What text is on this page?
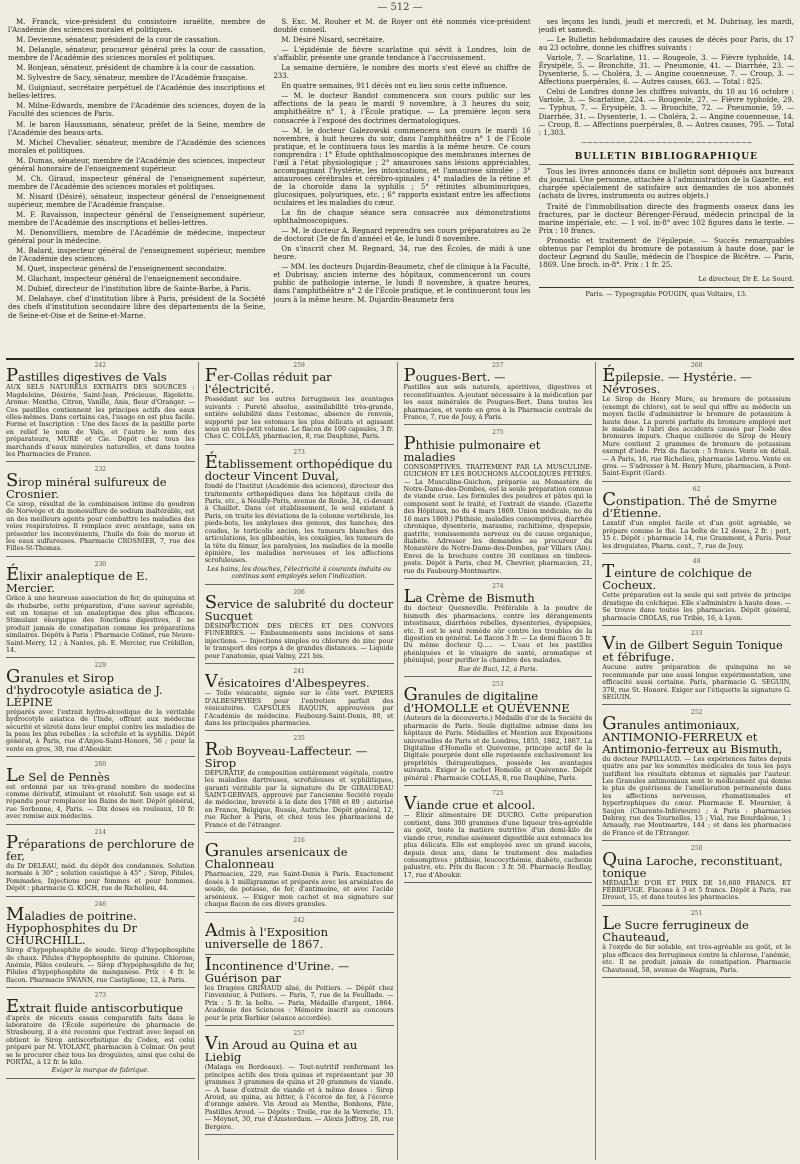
— 512 —

M. Franck, vice-président du consistoire israélite, membre de l'Académie des sciences morales et politiques.

M. Devienne, sénateur, président de la cour de cassation.

M. Delangle, sénateur, procureur général près la cour de cassation, membre de l'Académie des sciences morales et politiques.

M. Bonjean, sénateur, président de chambre à la cour de cassation.

M. Sylvestre de Sacy, sénateur, membre de l'Académie française.

M. Guigniaut, secrétaire perpétuel de l'Académie des inscriptions et belles-lettres.

M. Milne-Edwards, membre de l'Académie des sciences, doyen de la Faculté des sciences de Paris.

M. le baron Haussmann, sénateur, préfet de la Seine, membre de l'Académie des beaux-arts.

M. Michel Chevalier, sénateur, membre de l'Académie des sciences morales et politiques.

M. Dumas, sénateur, membre de l'Académie des sciences, inspecteur général honoraire de l'enseignement supérieur.

M. Ch. Giraud, inspecteur général de l'enseignement supérieur, membre de l'Académie des sciences morales et politiques.

M. Nisard (Désiré), sénateur, inspecteur général de l'enseignement supérieur, membre de l'Académie française.

M. F. Ravaisson, inspecteur général de l'enseignement supérieur, membre de l'Académie des inscriptions et belles-lettres.

M. Denonvilliers, membre de l'Académie de médecine, inspecteur général pour la médecine.

M. Balard, inspecteur général de l'enseignement supérieur, membre de l'Académie des sciences.

M. Quet, inspecteur général de l'enseignement secondaire.

M. Glachant, inspecteur général de l'enseignement secondaire.

M. Dubief, directeur de l'institution libre de Sainte-Barbe, à Paris.

M. Delahaye, chef d'institution libre à Paris, président de la Société des chefs d'institution secondaire libre des départements de la Seine, de Seine-et-Oise et de Seine-et-Marne.

S. Exc. M. Rouher et M. de Royer ont été nommés vice-président doublé conseil.

M. Désiré Nisard, secrétaire.

— L'épidémie de fièvre scarlatine qui sévit à Londres, loin de s'affaiblir, présente une grande tendance à l'accroissement.

La semaine dernière, le nombre des morts s'est élevé au chiffre de 233.

En quatre semaines, 911 décès ont eu lieu sous cette influence.

— M. le docteur Bandot commencera son cours public sur les affections de la peau le mardi 9 novembre, à 3 heures du soir, amphithéâtre n° 1, à l'École pratique. — La première leçon sera consacrée à l'exposé des doctrines dermatologiques.

— M. le docteur Galezowski commencera son cours le mardi 16 novembre, à huit heures du soir, dans l'amphithéâtre n° 1 de l'École pratique, et le continuera tous les mardis à la même heure. Ce cours comprendra : 1° Étude ophthalmoscopique des membranes internes de l'œil à l'état physiologique ; 2° amauroses sans lésions appréciables, accompagnant l'hystérie, les intoxications, et l'amaurose simulée ; 3° amauroses cérébrales et cérébro-spinales ; 4° maladies de la rétine et de la choroïde dans la syphilis ; 5° rétinites albuminuriques, glucosiques, polyuriques, etc. ; 6° rapports existant entre les affections oculaires et les maladies du cœur.

La fin de chaque séance sera consacrée aux démonstrations ophthalmoscopiques.

— M. le docteur A. Regnard reprendra ses cours préparatoires au 2e de doctorat (3e de fin d'année) et 4e, le lundi 8 novembre.

On s'inscrit chez M. Regnard, 34, rue des Écoles, de midi à une heure.

— MM. les docteurs Dujardin-Beaumetz, chef de clinique à la Faculté, et Dubrisay, ancien interne des hôpitaux, commenceront un cours public de pathologie interne, le lundi 8 novembre, à quatre heures, dans l'amphithéâtre n° 2 de l'École pratique, et le continueront tous les jours à la même heure. M. Dujardin-Beaumetz fera

ses leçons les lundi, jeudi et mercredi, et M. Dubrisay, les mardi, jeudi et samedi.

— Le Bulletin hebdomadaire des causes de décès pour Paris, du 17 au 23 octobre, donne les chiffres suivants :

Variole, 7. — Scarlatine, 11. — Rougeole, 3. — Fièvre typhoïde, 14. Érysipèle, 5. — Bronchite, 31. — Pneumonie, 41. — Diarrhée, 23. — Dysenterie, 5. — Choléra, 3. — Angine couenneuse, 7. — Croup, 3. — Affections puerpérales, 6. — Autres causes, 663. — Total : 825.

Celui de Londres donne les chiffres suivants, du 10 au 16 octobre : Variole, 3. — Scarlatine, 224. — Rougeole, 27. — Fièvre typhoïde, 29. — Typhus, 7. — Érysipèle, 3. — Bronchite, 72. — Pneumonie, 59. — Diarrhée, 31. — Dysenterie, 1. — Choléra, 2. — Angine couenneuse, 14. — Croup, 8. — Affections puerpérales, 8. — Autres causes, 795. — Total : 1,303.

∼∼∼∼∼∼∼∼∼∼∼∼∼∼∼∼∼∼∼∼∼∼∼∼∼∼∼∼∼∼
BULLETIN BIBLIOGRAPHIQUE

Tous les livres annoncés dans ce bulletin sont déposés aux bureaux du journal. Une personne, attachée à l'administration de la Gazette, est chargée spécialement de satisfaire aux demandes de nos abonnés (achats de livres, instruments ou autres objets.)

Traité de l'immobilisation directe des fragments osseux dans les fractures, par le docteur Bérenger-Féraud, médecin principal de la marine impériale, etc. — 1 vol. in-8° avec 102 figures dans le texte. — Prix : 10 francs.

Pronostic et traitement de l'épilepsie. — Succès remarquables obtenus par l'emploi du bromure de potassium à haute dose, par le docteur Legrand du Saulle, médecin de l'hospice de Bicêtre. — Paris, 1869. Une broch. in-8°. Prix : 1 fr. 25.

Le directeur, Dr E. Le Sourd.
Paris. — Typographie POUGIN, quai Voltaire, 13.
242
Pastilles digestives de Vals

AUX SELS NATURELS EXTRAITS DES SOURCES : Magdeleine, Désirée, Saint-Jean, Précieuse, Rigolette. Arome: Menthe, Citron, Vanille, Anis, fleur d'Oranger. — Ces pastilles contiennent les principes actifs des eaux elles-mêmes. Dans certains cas, l'usage en est plus facile. Forme et Inscription : Une des faces de la pastille porte en relief le nom de Vals, et l'autre le nom des préparateurs, MURE et Cie. Dépôt chez tous les marchands d'eaux minérales naturelles, et dans toutes les Pharmacies de France.

232
Sirop minéral sulfureux de Crosnier.

Ce sirop, résultat de la combinaison intime du goudron de Norwège et du monosulfure de sodium inaltérable, est un des meilleurs agents pour combattre les maladies des voies respiratoires. Il remplace avec avantage, sans en présenter les inconvénients, l'huile de foie de morue et les eaux sulfureuses. Pharmacie CROSNIER, 7, rue des Filles-St-Thomas.

230
Élixir analeptique de E. Mercier.

Grâce à une heureuse association de fer, de quinquina et de rhubarbe, cette préparation, d'une saveur agréable, est un tonique et un analeptique des plus efficaces. Stimulant énergique des fonctions digestives, il ne produit jamais de constipation comme les préparations similaires. Dépôts à Paris : Pharmacie Colinet, rue Neuve-Saint-Merry, 12 ; à Nantes, ph. E. Mercier, rue Crébillon, 14.

229
Granules et Sirop d'hydrocotyle asiatica de J. LÉPINE

préparés avec l'extrait hydro-alcoolique de la véritable hydrocotyle asiatica de l'Inde, offrant aux médecins sécurité et sûreté dans leur emploi contre les maladies de la peau les plus rebelles : la scrofule et la syphilis. Dépôt général, à Paris, rue d'Anjou-Saint-Honoré, 56 ; pour la vente en gros, 30, rue d'Aboukir.

260
Le Sel de Pennès

est ordonné par un très-grand nombre de médecins comme dérivatif, stimulant et résolutif. Son usage est si répandu pour remplacer les Bains de mer. Dépôt général, rue Sorbonne, 4, Paris. — Dix doses en rouleaux, 10 fr. avec remise aux médecins.

214
Préparations de perchlorure de fer,

du Dr DELEAU, méd. du dépôt des condamnés. Solution normale à 30° ; solution caustique à 45° ; Sirop, Pilules, Pommades, Injections pour femmes et pour hommes. Dépôt : pharmacie G. KOCH, rue de Richelieu, 44.

246
Maladies de poitrine. Hypophosphites du Dr CHURCHILL.

Sirop d'hypophosphite de soude. Sirop d'hypophosphite de chaux. Pilules d'hypophosphite de quinine. Chlorose, Anémie, Pâles couleurs. — Sirop d'hypophosphite de fer, Pilules d'hypophosphite de manganèse. Prix : 4 fr. le flacon. Pharmacie SWANN, rue Castiglione, 12, à Paris.

273
Extrait fluide antiscorbutique

d'après de récents essais comparatifs faits dans le laboratoire de l'École supérieure de pharmacie de Strasbourg, il a été reconnu que l'extrait avec lequel on obtient le Sirop antiscorbutique du Codex, est celui préparé par M. VIOLANT, pharmacien à Colmar. On peut se le procurer chez tous les droguistes, ainsi que celui de PORTAL, à 12 fr. le kilo.

Exiger la marque de fabrique.
259
Fer-Collas réduit par l'électricité.

Possédant sur les autres ferrugineux les avantages suivants : Pureté absolue, assimilabilité très-grande, entière solubilité dans l'estomac, absence de renvois, supporté par les estomacs les plus délicats et agissant sous un très-petit volume. Le flacon de 100 capsules, 3 fr. Chez C. COLLAS, pharmacien, 8, rue Dauphine, Paris.

273
Établissement orthopédique du docteur Vincent Duval,

fondé de l'Institut (Académie des sciences), directeur des traitements orthopédiques dans les hôpitaux civils de Paris, etc., à Neuilly-Paris, avenue de Roule, 34, ci-devant à Chaillot. Dans cet établissement, le seul existant à Paris, on traite les déviations de la colonne vertébrale, les pieds-bots, les ankyloses des genoux, des hanches, des coudes, le torticolis ancien, les tumeurs blanches des articulations, les gibbosités, les coxalgies, les tumeurs de la tête du fémur, les paralysies, les maladies de la moelle épinière, les maladies nerveuses et les affections scrofuleuses.

Les bains, les douches, l'électricité à courants induits ou continus sont employés selon l'indication.
206
Service de salubrité du docteur Sucquet

DÉSINFECTION DES DÉCÈS ET DES CONVOIS FUNÈBRES. — Embaumements sans incisions et sans injections. — Injections simples ou chlorure de zinc pour le transport des corps à de grandes distances. — Liquide pour l'anatomie, quai Valmy, 221 bis.

241
Vésicatoires d'Albespeyres.

— Toile vésicante, signée sur le côté vert. PAPIERS D'ALBESPEYRES pour l'entretien parfait des vésicatoires. CAPSULES RAQUIN, approuvées par l'Académie de médecine. Faubourg-Saint-Denis, 80, et dans les principales pharmacies.

235
Rob Boyveau-Laffecteur. — Sirop

DÉPURATIF, de composition entièrement végétale, contre les maladies dartreuses, scrofuleuses et syphilitiques, garanti véritable par la signature du Dr GIRAUDEAU SAINT-GERVAIS, approuvé par l'ancienne Société royale de médecine, breveté à la date des 1788 et 89 ; autorisé en France, Belgique, Russie, Autriche. Dépôt général, 12, rue Richer à Paris, et chez tous les pharmaciens de France et de l'étranger.

216
Granules arsenicaux de Chalonneau

Pharmacien, 229, rue Saint-Denis à Paris. Exactement dosés à 1 milligramme et préparés avec les arséniates de soude, de potasse, de fer, d'antimoine, et avec l'acide arsénieux. — Exiger mon cachet et ma signature sur chaque flacon de ces divers granules.

242
Admis à l'Exposition universelle de 1867.
Incontinence d'Urine. — Guérison par

les Dragées GRIMAUD aîné, de Poitiers. — Dépôt chez l'inventeur, à Poitiers. — Paris, 7, rue de la Feuillade. — Prix : 5 fr. la boîte. — Paris, Médaille d'argent, 1864. Académie des Sciences : Mémoire inscrit au concours pour le prix Barbier (séance accordée).

257
Vin Aroud au Quina et au Liebig

(Malaga ou Bordeaux). — Tout-nutritif renfermant les principes actifs des trois quinas et représentant par 30 grammes 3 grammes de quina et 20 grammes de viande. — A base d'extrait de viande et à même doses : Sirop Aroud, au quina, au bitter, à l'écorce de fer, à l'écorce d'orange amère. Vin Aroud au Menthe, Bonbons, Pâte, Pastilles Aroud. — Dépôts : Trelle, rue de la Verrerie, 15. — Meynet, 30, rue d'Amsterdam. — Alexis Joffroy, 28, rue Bergère.

257
Pougues-Bert. —

Pastilles aux sels naturels, apéritives, digestives et reconstituantes. A-joutant nécessaire à la médication par les eaux minérales de Pougues-Bert. Dans toutes les pharmacies, et vente en gros à la Pharmacie centrale de France, 7, rue de Jouy, à Paris.

275
Phthisie pulmonaire et maladies

CONSOMPTIVES. TRAITEMENT PAR LA MUSCULINE-GUICHON ET LES BOUCHONS ALCOOLIQUES FÉTRÈS. — La Musculine-Guichon, préparée au Monastère de Notre-Dame-des-Dombes, est la seule préparation connue de viande crue. Les formules des poudres et pâtes qui la composent sont le traité, et l'extrait de viande. (Gazette des Hôpitaux, no du 4 mars 1869. Union médicale, no du 16 mars 1869.) Phthisie, maladies consomptives, diarrhée chronique, dysenterie, marasme, rachitisme, dyspepsie, gastrite, vomissements nerveux ou de cause organique, diabète. Adresser les demandes au procureur du Monastère de Notre-Dame-des-Dombes, par Villars (Ain). Envoi de la brochure contre 30 centimes en timbres-poste. Dépôt à Paris, chez M. Chevrier, pharmacien, 21, rue du Faubourg-Montmartre.

274
La Crème de Bismuth

du docteur Quesneville. Préférable à la poudre de bismuth des pharmaciens, contre les dérangements intestinaux, diarrhées rebelles, dysenteries, dyspepsies, etc. Il est le seul remède sûr contre les troubles de la digestion en général. Le flacon 3 fr. — Le demi flacon 5 fr. Du même docteur Q..... — L'eau et les pastilles phéniquées et le vinaigre de santé, aromatique et phéniqué, pour purifier la chambre des malades.

Rue de Buci, 12, à Paris.
253
Granules de digitaline d'HOMOLLE et QUÉVENNE

(Auteurs de la découverte.) Médaille d'or de la Société de pharmacie de Paris. Seule digitaline admise dans les hôpitaux de Paris. Médailles et Mention aux Expositions universelles de Paris et de Londres, 1855, 1862, 1867. La Digitaline d'Homolle et Quévenne, principe actif de la Digitale pourprée dont elle représente exclusivement les propriétés thérapeutiques, possède les avantages suivants. Exiger le cachet Homolle et Quévenne. Dépôt général : Pharmacie COLLAS, 8, rue Dauphine, Paris.

725
Viande crue et alcool.

— Élixir alimentaire DE DUCRO. Cette préparation contient, dans 300 grammes d'une liqueur très-agréable au goût, toute la matière nutritive d'un demi-kilo de viande crue, rendue aisément digestible aux estomacs les plus délicats. Elle est employée avec un grand succès, depuis deux ans, dans le traitement des maladies consomptives : phthisie, leucocythémie, diabète, cachexie palustre, etc. Prix du flacon : 3 fr. 50. Pharmacie Boullay, 17, rue d'Aboukir.

268
Épilepsie. — Hystérie. — Névroses.

Le Sirop de Henry Mure, au bromure de potassium (exempt de chlore), est le seul qui offre au médecin un moyen facile d'administrer le bromure de potassium à haute dose. La pureté parfaite du bromure employé met le malade à l'abri des accidents causés par l'iode des bromures impurs. Chaque cuillerée de Sirop de Henry Mure contient 2 grammes de bromure de potassium exempt d'iode. Prix du flacon : 5 francs. Vente en détail. — A Paris, 16, rue Richelieu, pharmacie Lebrou. Vente en gros. — S'adresser à M. Henry Mure, pharmacien, à Pont-Saint-Esprit (Gard).

62
Constipation. Thé de Smyrne d'Étienne.

Laxatif d'un emploi facile et d'un goût agréable, se prépare comme le thé. La boîte de 12 doses, 2 fr. ; port, 15 c. Dépôt : pharmacie 14, rue Grammont, à Paris. Pour les droguistes, Pharm. cent., 7, rue de Jouy.

48
Teinture de colchique de Cocheux.

Cette préparation est la seule qui soit privée de principe drastique du colchique. Elle s'administre à haute dose. — Se trouve dans toutes les pharmacies. Dépôt général, pharmacie CROLAS, rue Tribie, 16, à Lyon.

233
Vin de Gilbert Seguin Tonique et fébrifuge.

Aucune autre préparation de quinquina ne se recommande par une aussi longue expérimentation, une efficacité aussi certaine. Paris, pharmacie G. SEGUIN, 378, rue St. Honoré. Exiger sur l'étiquette la signature G. SEGUIN.

252
Granules antimoniaux, ANTIMONIO-FERREUX et Antimonio-ferreux au Bismuth,

du docteur PAPILLAUD. — Les expériences faites depuis quatre ans par les sommités médicales de tous les pays justifient les résultats obtenus et signalés par l'auteur. Les Granules antimoniaux sont le médicament qui donne le plus de guérisons de l'amélioration permanente dans les affections nerveuses, rhumatismales et hypertrophiques du cœur. Pharmacie E. Mournier, à Saujon (Charente-Inférieure) ; à Paris : pharmacies Debray, rue des Tournelles, 15 ; Vial, rue Bourdaloue, 1 ; Arnaudy, rue Montmartre, 144 ; et dans les pharmacies de France et de l'Étranger.

250
Quina Laroche, reconstituant, tonique

MÉDAILLE D'OR ET PRIX DE 16,600 FRANCS. ET FÉBRIFUGE. Flacons à 3 et 5 francs. Dépôt à Paris, rue Drouot, 15, et dans toutes les pharmacies.

251
Le Sucre ferrugineux de Chauteaud,

à l'oxyde de fer soluble, est très-agréable au goût, et le plus efficace des ferrugineux contre la chlorose, l'anémie, etc. Il ne produit jamais de constipation. Pharmacie Chauteaud, 58, avenue de Wagram, Paris.
